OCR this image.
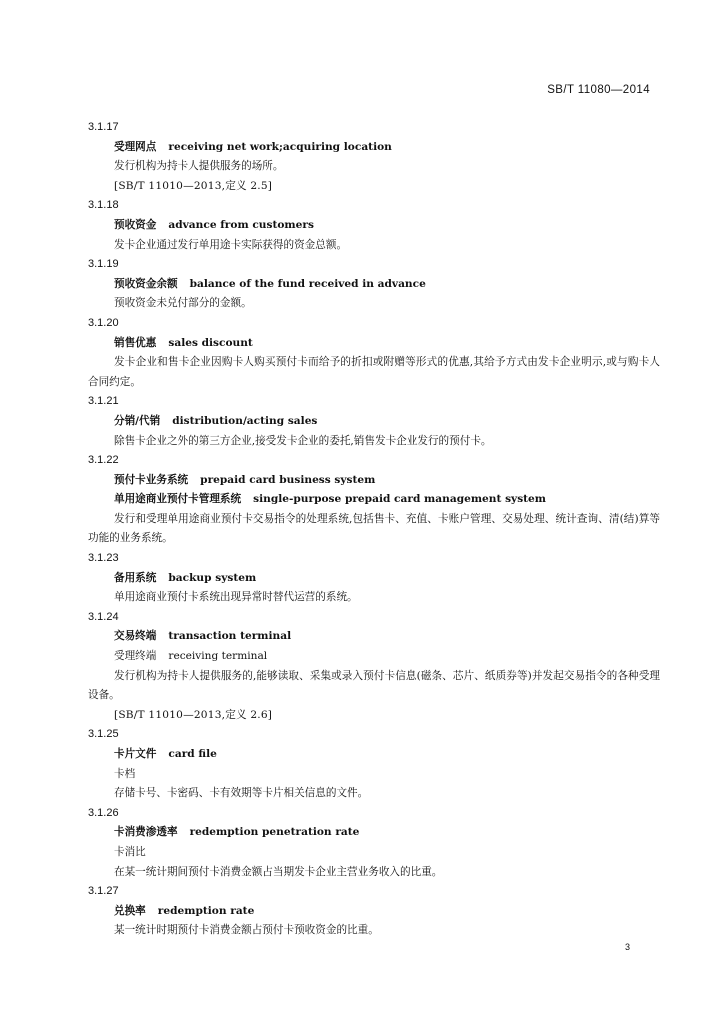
SB/T 11080—2014
3.1.17
受理网点 receiving net work;acquiring location
发行机构为持卡人提供服务的场所。
[SB/T 11010—2013,定义 2.5]
3.1.18
预收资金 advance from customers
发卡企业通过发行单用途卡实际获得的资金总额。
3.1.19
预收资金余额 balance of the fund received in advance
预收资金未兑付部分的金额。
3.1.20
销售优惠 sales discount
发卡企业和售卡企业因购卡人购买预付卡而给予的折扣或附赠等形式的优惠,其给予方式由发卡企业明示,或与购卡人合同约定。
3.1.21
分销/代销 distribution/acting sales
除售卡企业之外的第三方企业,接受发卡企业的委托,销售发卡企业发行的预付卡。
3.1.22
预付卡业务系统 prepaid card business system
单用途商业预付卡管理系统 single-purpose prepaid card management system
发行和受理单用途商业预付卡交易指令的处理系统,包括售卡、充值、卡账户管理、交易处理、统计查询、清(结)算等功能的业务系统。
3.1.23
备用系统 backup system
单用途商业预付卡系统出现异常时替代运营的系统。
3.1.24
交易终端 transaction terminal
受理终端 receiving terminal
发行机构为持卡人提供服务的,能够读取、采集或录入预付卡信息(磁条、芯片、纸质券等)并发起交易指令的各种受理设备。
[SB/T 11010—2013,定义 2.6]
3.1.25
卡片文件 card file
卡档
存储卡号、卡密码、卡有效期等卡片相关信息的文件。
3.1.26
卡消费渗透率 redemption penetration rate
卡消比
在某一统计期间预付卡消费金额占当期发卡企业主营业务收入的比重。
3.1.27
兑换率 redemption rate
某一统计时期预付卡消费金额占预付卡预收资金的比重。
3
